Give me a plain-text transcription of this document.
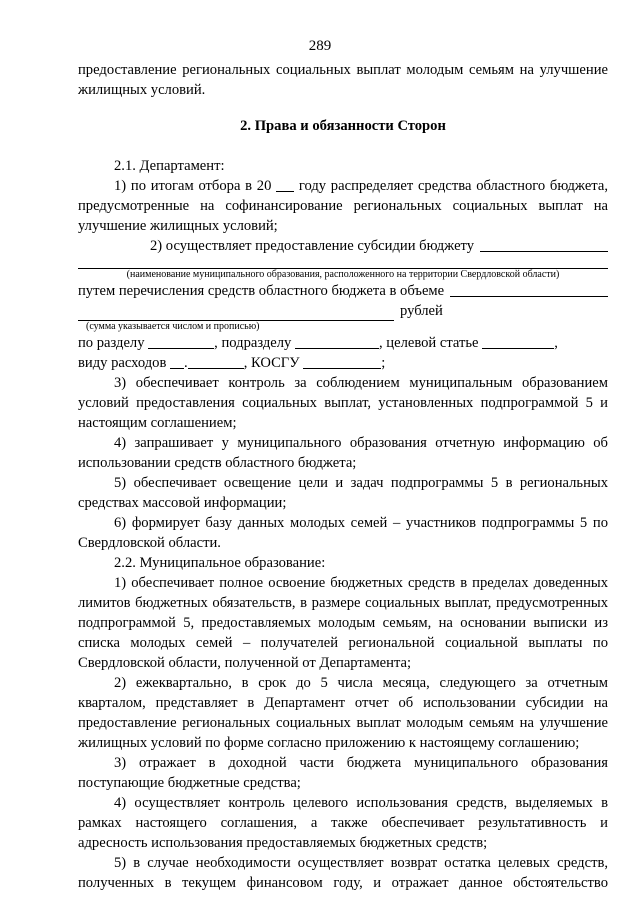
289

предоставление региональных социальных выплат молодым семьям на улучшение

жилищных условий.

2. Права и обязанности Сторон

2.1. Департамент:

1) по итогам отбора в 20 году распределяет средства областного бюджета, предусмотренные на софинансирование региональных социальных выплат на улучшение жилищных условий;

2) осуществляет предоставление субсидии бюджету

(наименование муниципального образования, расположенного на территории Свердловской области)

путем перечисления средств областного бюджета в объеме
рублей

(сумма указывается числом и прописью)

по разделу	, подразделу	, целевой статье	,

виду расходов .	, КОСГУ	;

3) обеспечивает контроль за соблюдением муниципальным образованием условий предоставления социальных выплат, установленных подпрограммой 5 и настоящим соглашением;

4) запрашивает у муниципального образования отчетную информацию об использовании средств областного бюджета;

5) обеспечивает освещение цели и задач подпрограммы 5 в региональных средствах массовой информации;

6) формирует базу данных молодых семей – участников подпрограммы 5 по Свердловской области.

2.2. Муниципальное образование:

1) обеспечивает полное освоение бюджетных средств в пределах доведенных лимитов бюджетных обязательств, в размере социальных выплат, предусмотренных подпрограммой 5, предоставляемых молодым семьям, на основании выписки из списка молодых семей – получателей региональной социальной выплаты по Свердловской области, полученной от Департамента;

2) ежеквартально, в срок до 5 числа месяца, следующего за отчетным кварталом, представляет в Департамент отчет об использовании субсидии на предоставление региональных социальных выплат молодым семьям на улучшение жилищных условий по форме согласно приложению к настоящему соглашению;

3) отражает в доходной части бюджета муниципального образования поступающие бюджетные средства;

4) осуществляет контроль целевого использования средств, выделяемых в рамках настоящего соглашения, а также обеспечивает результативность и адресность использования предоставляемых бюджетных средств;

5) в случае необходимости осуществляет возврат остатка целевых средств, полученных в текущем финансовом году, и отражает данное обстоятельство
